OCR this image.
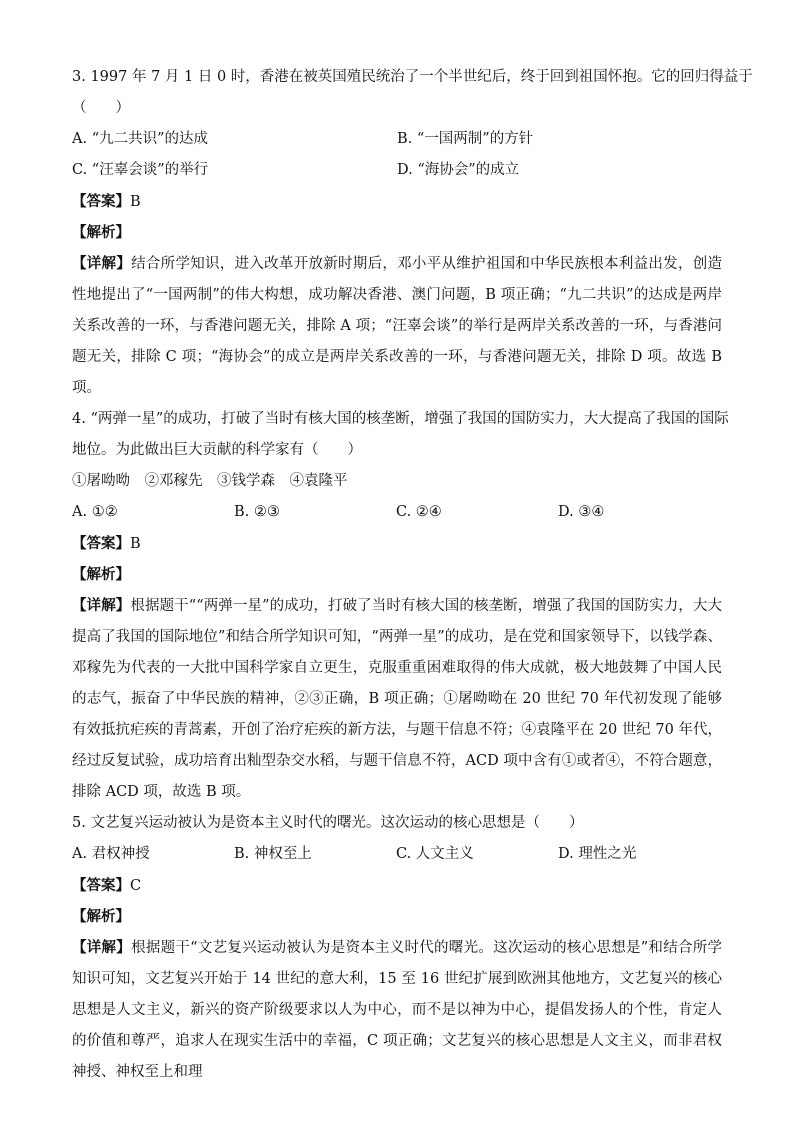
3. 1997 年 7 月 1 日 0 时，香港在被英国殖民统治了一个半世纪后，终于回到祖国怀抱。它的回归得益于
（　　）
A. “九二共识”的达成	B. “一国两制”的方针
C. “汪辜会谈”的举行	D. “海协会”的成立
【答案】B
【解析】
【详解】结合所学知识，进入改革开放新时期后，邓小平从维护祖国和中华民族根本利益出发，创造性地提出了“一国两制”的伟大构想，成功解决香港、澳门问题，B 项正确；“九二共识”的达成是两岸关系改善的一环，与香港问题无关，排除 A 项；“汪辜会谈”的举行是两岸关系改善的一环，与香港问题无关，排除 C 项；“海协会”的成立是两岸关系改善的一环，与香港问题无关，排除 D 项。故选 B 项。
4. “两弹一星”的成功，打破了当时有核大国的核垄断，增强了我国的国防实力，大大提高了我国的国际
地位。为此做出巨大贡献的科学家有（　　）
①屠呦呦　②邓稼先　③钱学森　④袁隆平
A. ①②	B. ②③	C. ②④	D. ③④
【答案】B
【解析】
【详解】根据题干““两弹一星”的成功，打破了当时有核大国的核垄断，增强了我国的国防实力，大大提高了我国的国际地位”和结合所学知识可知，“两弹一星”的成功，是在党和国家领导下，以钱学森、邓稼先为代表的一大批中国科学家自立更生，克服重重困难取得的伟大成就，极大地鼓舞了中国人民的志气，振奋了中华民族的精神，②③正确，B 项正确；①屠呦呦在 20 世纪 70 年代初发现了能够有效抵抗疟疾的青蒿素，开创了治疗疟疾的新方法，与题干信息不符；④袁隆平在 20 世纪 70 年代，经过反复试验，成功培育出籼型杂交水稻，与题干信息不符，ACD 项中含有①或者④，不符合题意，排除 ACD 项，故选 B 项。
5. 文艺复兴运动被认为是资本主义时代的曙光。这次运动的核心思想是（　　）
A. 君权神授	B. 神权至上	C. 人文主义	D. 理性之光
【答案】C
【解析】
【详解】根据题干“文艺复兴运动被认为是资本主义时代的曙光。这次运动的核心思想是”和结合所学知识可知，文艺复兴开始于 14 世纪的意大利，15 至 16 世纪扩展到欧洲其他地方，文艺复兴的核心思想是人文主义，新兴的资产阶级要求以人为中心，而不是以神为中心，提倡发扬人的个性，肯定人的价值和尊严，追求人在现实生活中的幸福，C 项正确；文艺复兴的核心思想是人文主义，而非君权神授、神权至上和理
